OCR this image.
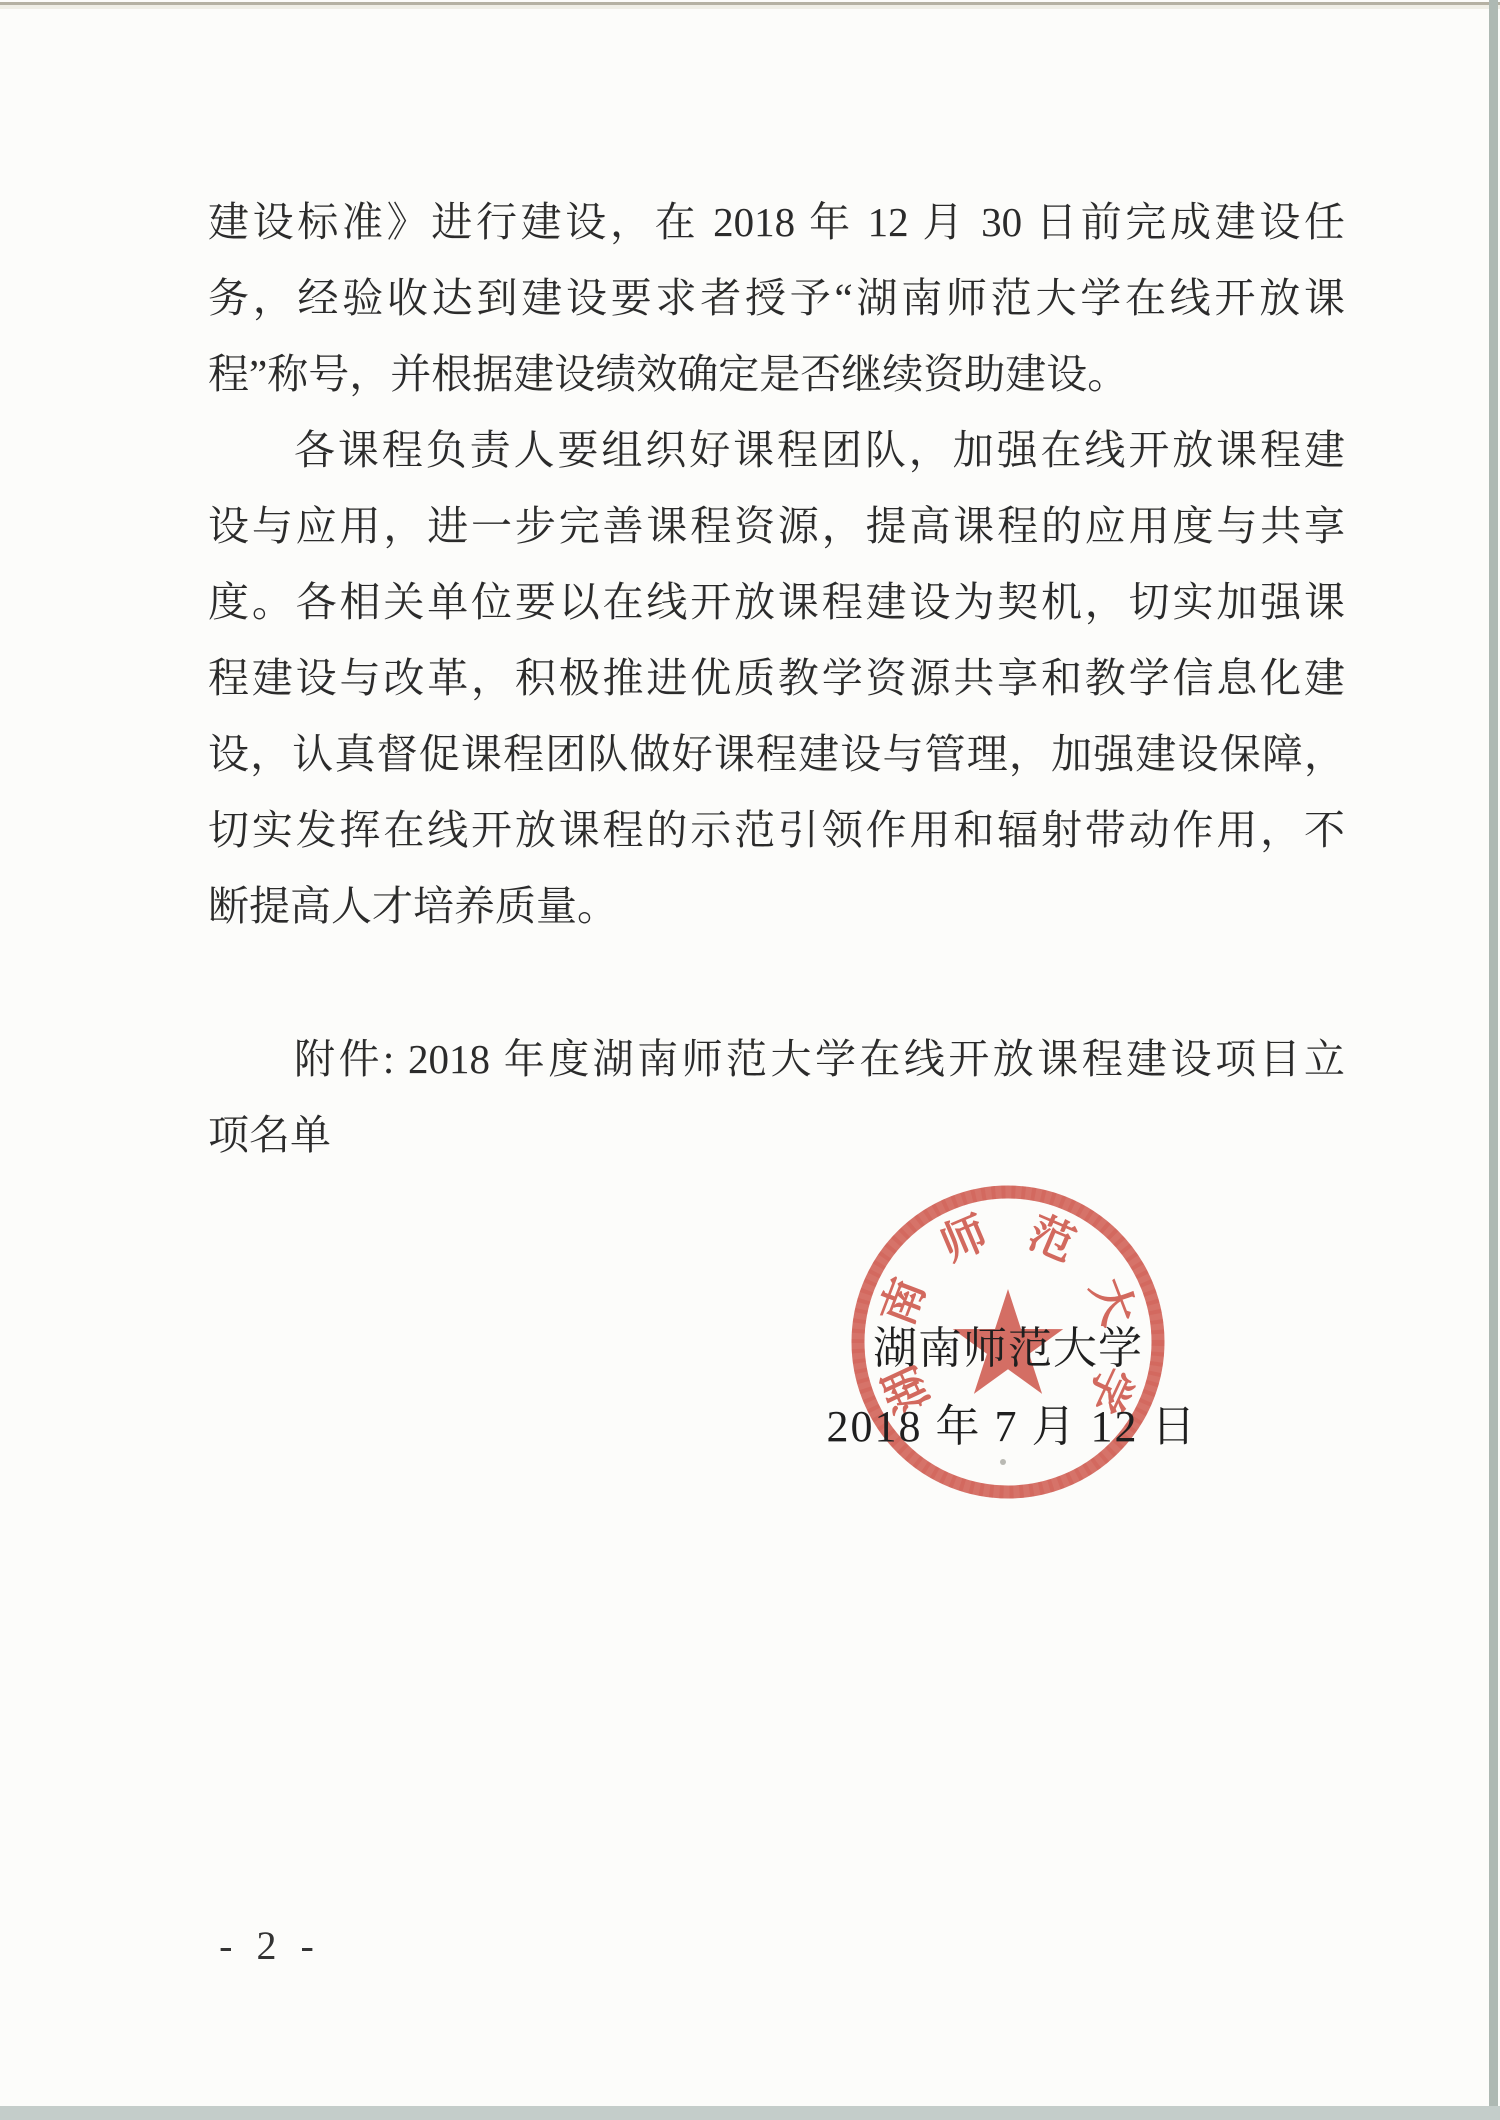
建设标准》进行建设，在 2018 年 12 月 30 日前完成建设任
务，经验收达到建设要求者授予“湖南师范大学在线开放课
程”称号，并根据建设绩效确定是否继续资助建设。
各课程负责人要组织好课程团队，加强在线开放课程建
设与应用，进一步完善课程资源，提高课程的应用度与共享
度。各相关单位要以在线开放课程建设为契机，切实加强课
程建设与改革，积极推进优质教学资源共享和教学信息化建
设，认真督促课程团队做好课程建设与管理，加强建设保障，
切实发挥在线开放课程的示范引领作用和辐射带动作用，不
断提高人才培养质量。
附件: 2018 年度湖南师范大学在线开放课程建设项目立
项名单
湖
南
师 范
大
学
湖南师范大学
2018 年 7 月 12 日
- 2 -
